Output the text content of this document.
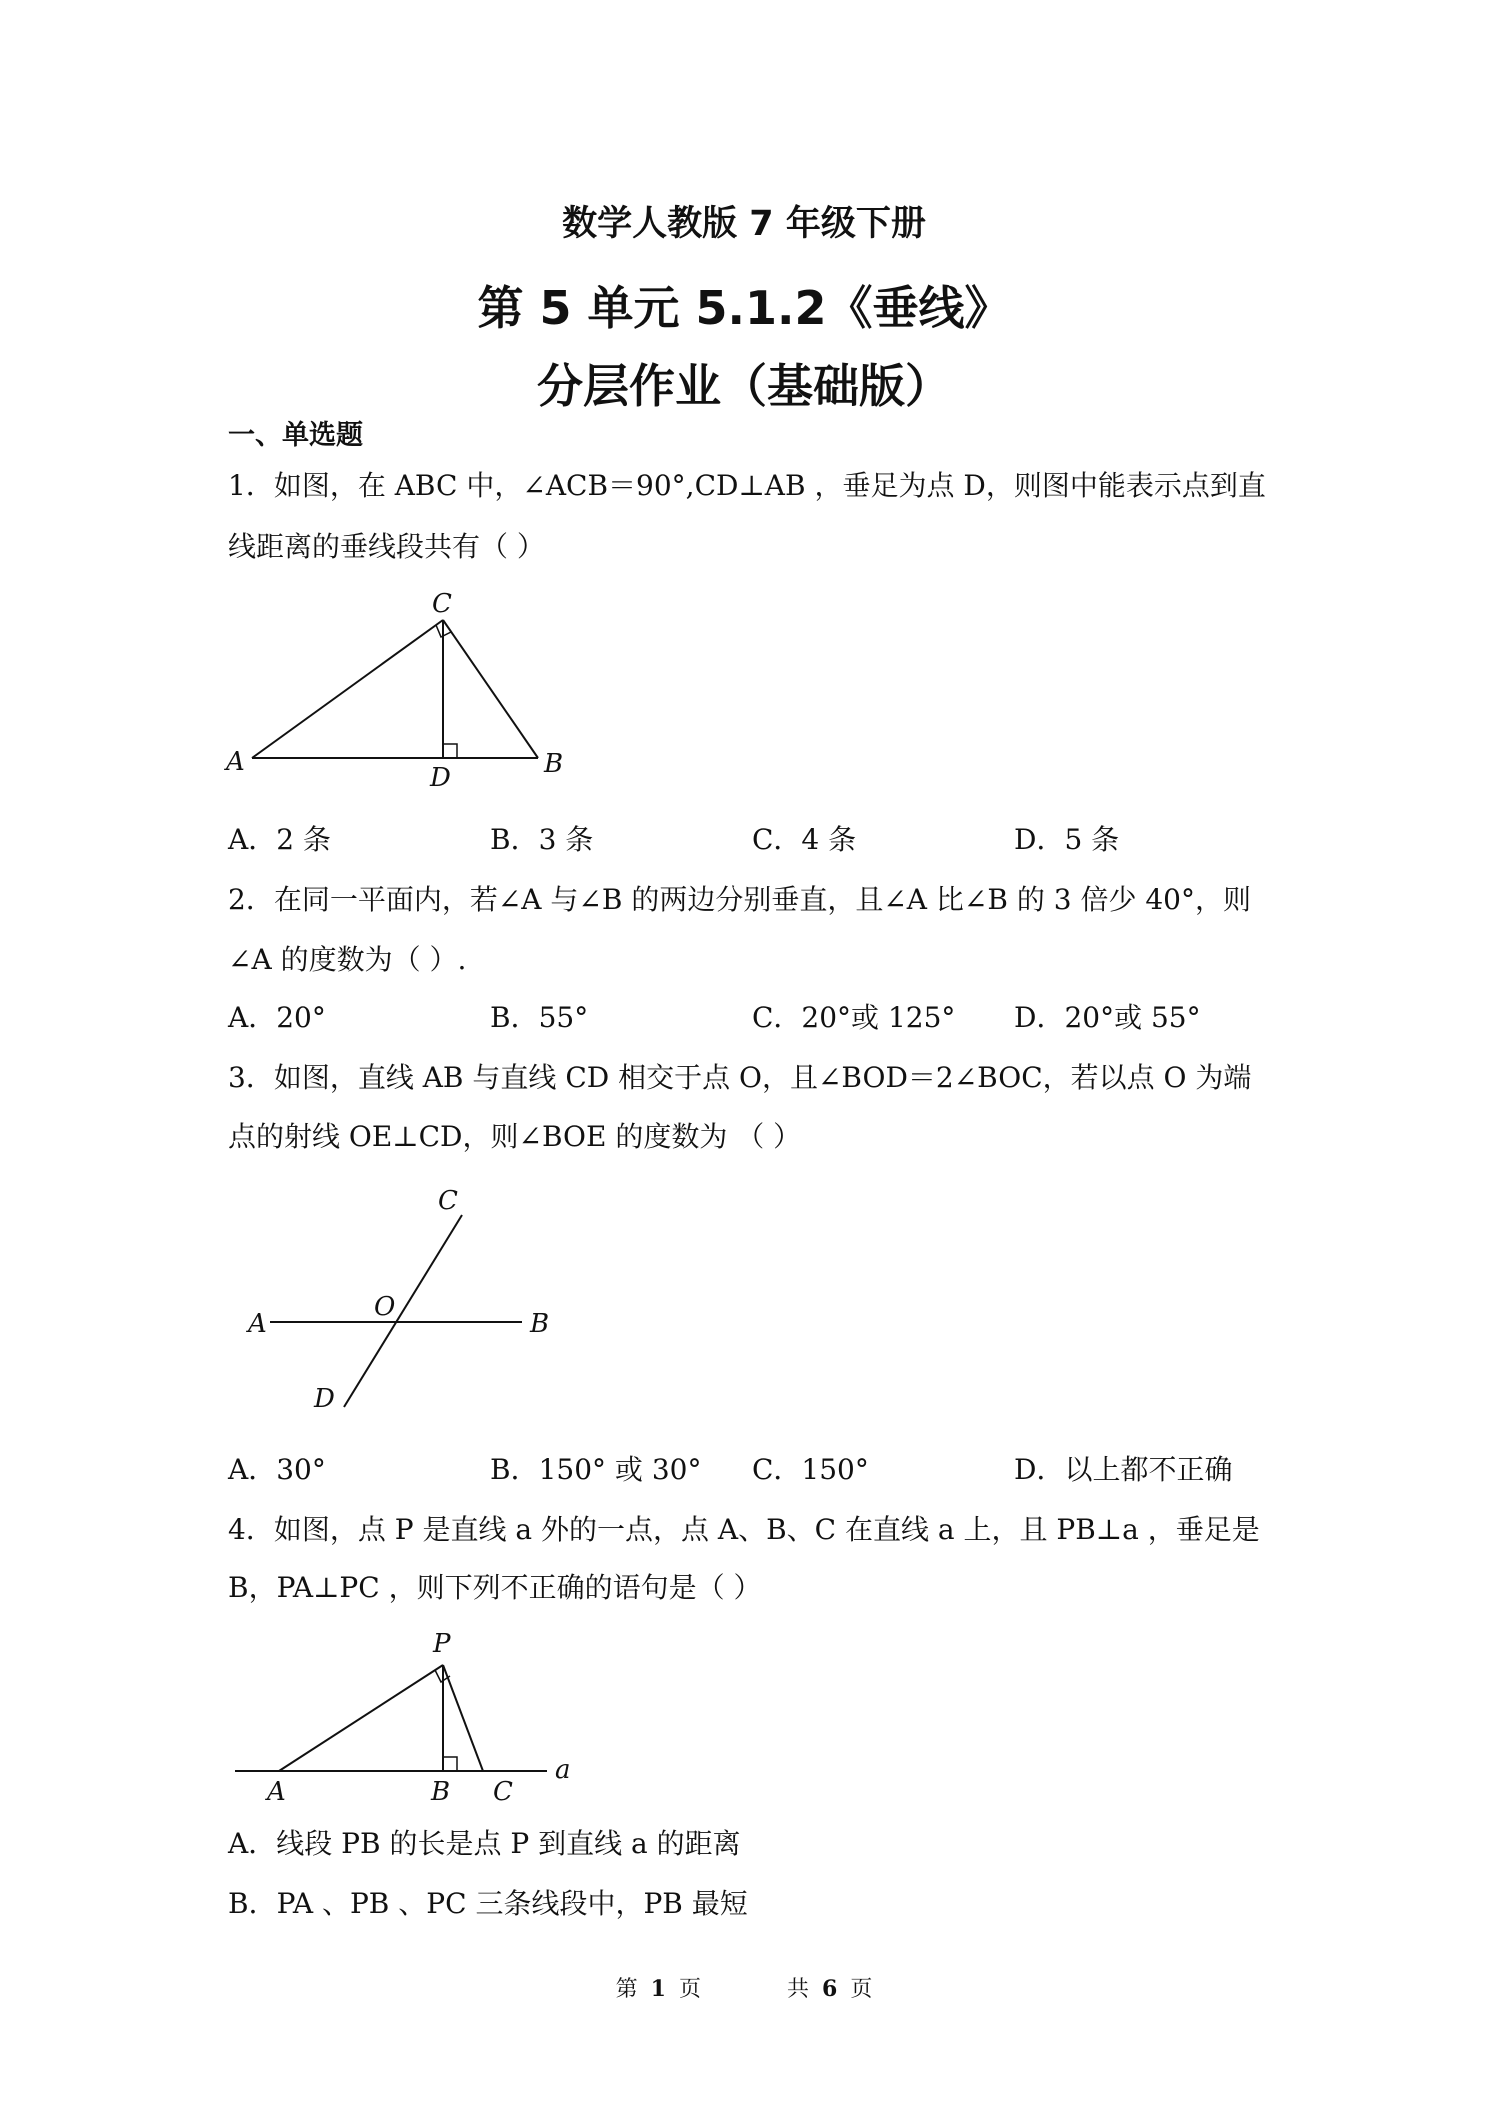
数学人教版 7 年级下册
第 5 单元 5.1.2《垂线》
分层作业（基础版）
一、单选题
1．如图，在 ABC 中，∠ACB＝90°,CD⊥AB ，垂足为点 D，则图中能表示点到直
线距离的垂线段共有（ ）
A	B
C
D
A．2 条	B．3 条	C．4 条	D．5 条
2．在同一平面内，若∠A 与∠B 的两边分别垂直，且∠A 比∠B 的 3 倍少 40°，则
∠A 的度数为（ ）.
A．20°	B．55°	C．20°或 125° D．20°或 55°
3．如图，直线 AB 与直线 CD 相交于点 O，且∠BOD＝2∠BOC，若以点 O 为端
点的射线 OE⊥CD，则∠BOE 的度数为 （ ）
A	B
C
D
O
A．30°	B．150° 或 30° C．150°	D．以上都不正确
4．如图，点 P 是直线 a 外的一点，点 A、B、C 在直线 a 上，且 PB⊥a ，垂足是
B，PA⊥PC ，则下列不正确的语句是（ ）
P
A	B C
a
A．线段 PB 的长是点 P 到直线 a 的距离
B．PA 、PB 、PC 三条线段中，PB 最短
第 1 页	共 6 页
